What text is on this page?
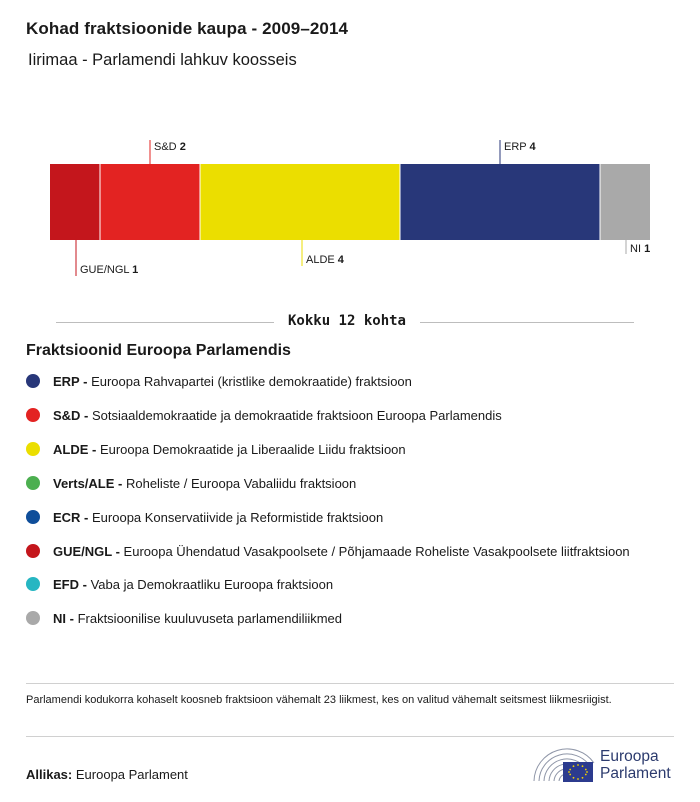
Kohad fraktsioonide kaupa - 2009–2014
Iirimaa - Parlamendi lahkuv koosseis
GUE/NGL 1
S&D 2
ALDE 4
ERP 4
NI 1
Kokku 12 kohta
Fraktsioonid Euroopa Parlamendis
ERP - Euroopa Rahvapartei (kristlike demokraatide) fraktsioon
S&D - Sotsiaaldemokraatide ja demokraatide fraktsioon Euroopa Parlamendis
ALDE - Euroopa Demokraatide ja Liberaalide Liidu fraktsioon
Verts/ALE - Roheliste / Euroopa Vabaliidu fraktsioon
ECR - Euroopa Konservatiivide ja Reformistide fraktsioon
GUE/NGL - Euroopa Ühendatud Vasakpoolsete / Põhjamaade Roheliste Vasakpoolsete liitfraktsioon
EFD - Vaba ja Demokraatliku Euroopa fraktsioon
NI - Fraktsioonilise kuuluvuseta parlamendiliikmed
Parlamendi kodukorra kohaselt koosneb fraktsioon vähemalt 23 liikmest, kes on valitud vähemalt seitsmest liikmesriigist.
Allikas: Euroopa Parlament
Euroopa
Parlament
